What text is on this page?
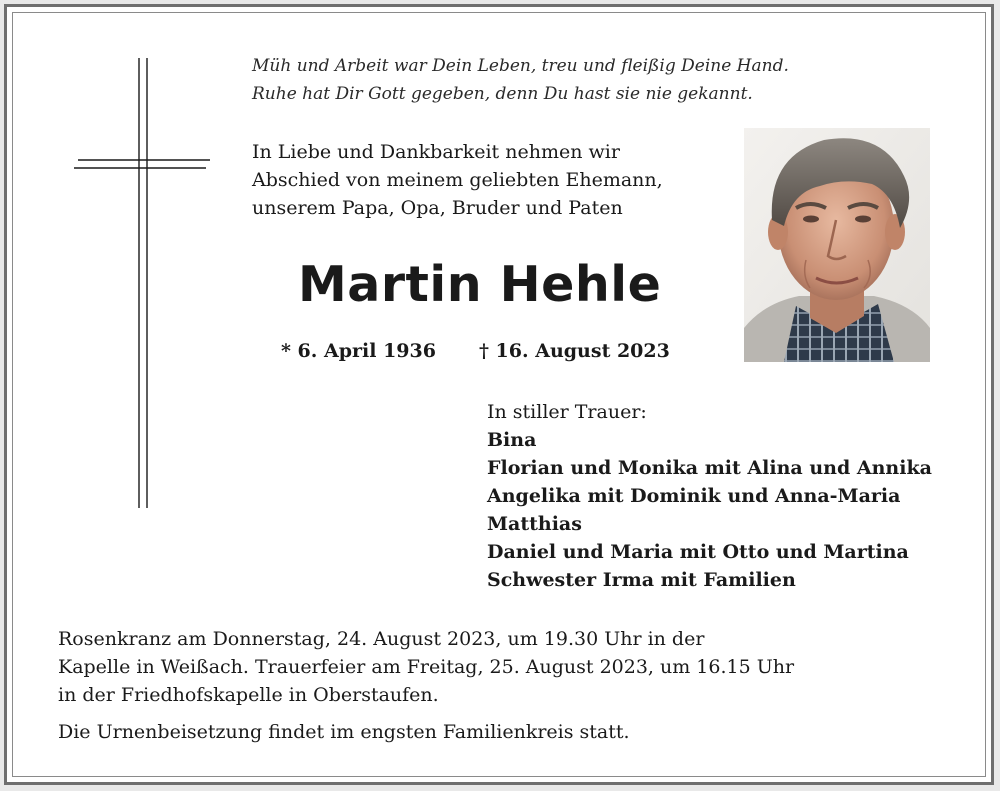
Müh und Arbeit war Dein Leben, treu und fleißig Deine Hand.
Ruhe hat Dir Gott gegeben, denn Du hast sie nie gekannt.
In Liebe und Dankbarkeit nehmen wir
Abschied von meinem geliebten Ehemann,
unserem Papa, Opa, Bruder und Paten
Martin Hehle
* 6. April 1936 † 16. August 2023
In stiller Trauer:
Bina
Florian und Monika mit Alina und Annika
Angelika mit Dominik und Anna-Maria
Matthias
Daniel und Maria mit Otto und Martina
Schwester Irma mit Familien
Rosenkranz am Donnerstag, 24. August 2023, um 19.30 Uhr in der
Kapelle in Weißach. Trauerfeier am Freitag, 25. August 2023, um 16.15 Uhr
in der Friedhofskapelle in Oberstaufen.
Die Urnenbeisetzung findet im engsten Familienkreis statt.
